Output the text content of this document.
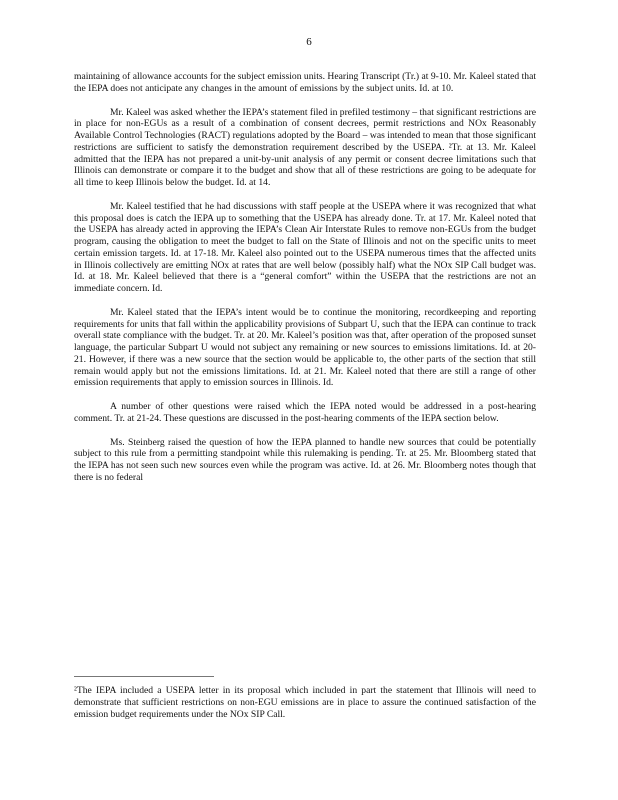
6

maintaining of allowance accounts for the subject emission units. Hearing Transcript (Tr.) at 9-10. Mr. Kaleel stated that the IEPA does not anticipate any changes in the amount of emissions by the subject units. Id. at 10.

Mr. Kaleel was asked whether the IEPA’s statement filed in prefiled testimony – that significant restrictions are in place for non-EGUs as a result of a combination of consent decrees, permit restrictions and NOx Reasonably Available Control Technologies (RACT) regulations adopted by the Board – was intended to mean that those significant restrictions are sufficient to satisfy the demonstration requirement described by the USEPA. ²Tr. at 13. Mr. Kaleel admitted that the IEPA has not prepared a unit-by-unit analysis of any permit or consent decree limitations such that Illinois can demonstrate or compare it to the budget and show that all of these restrictions are going to be adequate for all time to keep Illinois below the budget. Id. at 14.

Mr. Kaleel testified that he had discussions with staff people at the USEPA where it was recognized that what this proposal does is catch the IEPA up to something that the USEPA has already done. Tr. at 17. Mr. Kaleel noted that the USEPA has already acted in approving the IEPA’s Clean Air Interstate Rules to remove non-EGUs from the budget program, causing the obligation to meet the budget to fall on the State of Illinois and not on the specific units to meet certain emission targets. Id. at 17-18. Mr. Kaleel also pointed out to the USEPA numerous times that the affected units in Illinois collectively are emitting NOx at rates that are well below (possibly half) what the NOx SIP Call budget was. Id. at 18. Mr. Kaleel believed that there is a “general comfort” within the USEPA that the restrictions are not an immediate concern. Id.

Mr. Kaleel stated that the IEPA’s intent would be to continue the monitoring, recordkeeping and reporting requirements for units that fall within the applicability provisions of Subpart U, such that the IEPA can continue to track overall state compliance with the budget. Tr. at 20. Mr. Kaleel’s position was that, after operation of the proposed sunset language, the particular Subpart U would not subject any remaining or new sources to emissions limitations. Id. at 20-21. However, if there was a new source that the section would be applicable to, the other parts of the section that still remain would apply but not the emissions limitations. Id. at 21. Mr. Kaleel noted that there are still a range of other emission requirements that apply to emission sources in Illinois. Id.

A number of other questions were raised which the IEPA noted would be addressed in a post-hearing comment. Tr. at 21-24. These questions are discussed in the post-hearing comments of the IEPA section below.

Ms. Steinberg raised the question of how the IEPA planned to handle new sources that could be potentially subject to this rule from a permitting standpoint while this rulemaking is pending. Tr. at 25. Mr. Bloomberg stated that the IEPA has not seen such new sources even while the program was active. Id. at 26. Mr. Bloomberg notes though that there is no federal

²The IEPA included a USEPA letter in its proposal which included in part the statement that Illinois will need to demonstrate that sufficient restrictions on non-EGU emissions are in place to assure the continued satisfaction of the emission budget requirements under the NOx SIP Call.
